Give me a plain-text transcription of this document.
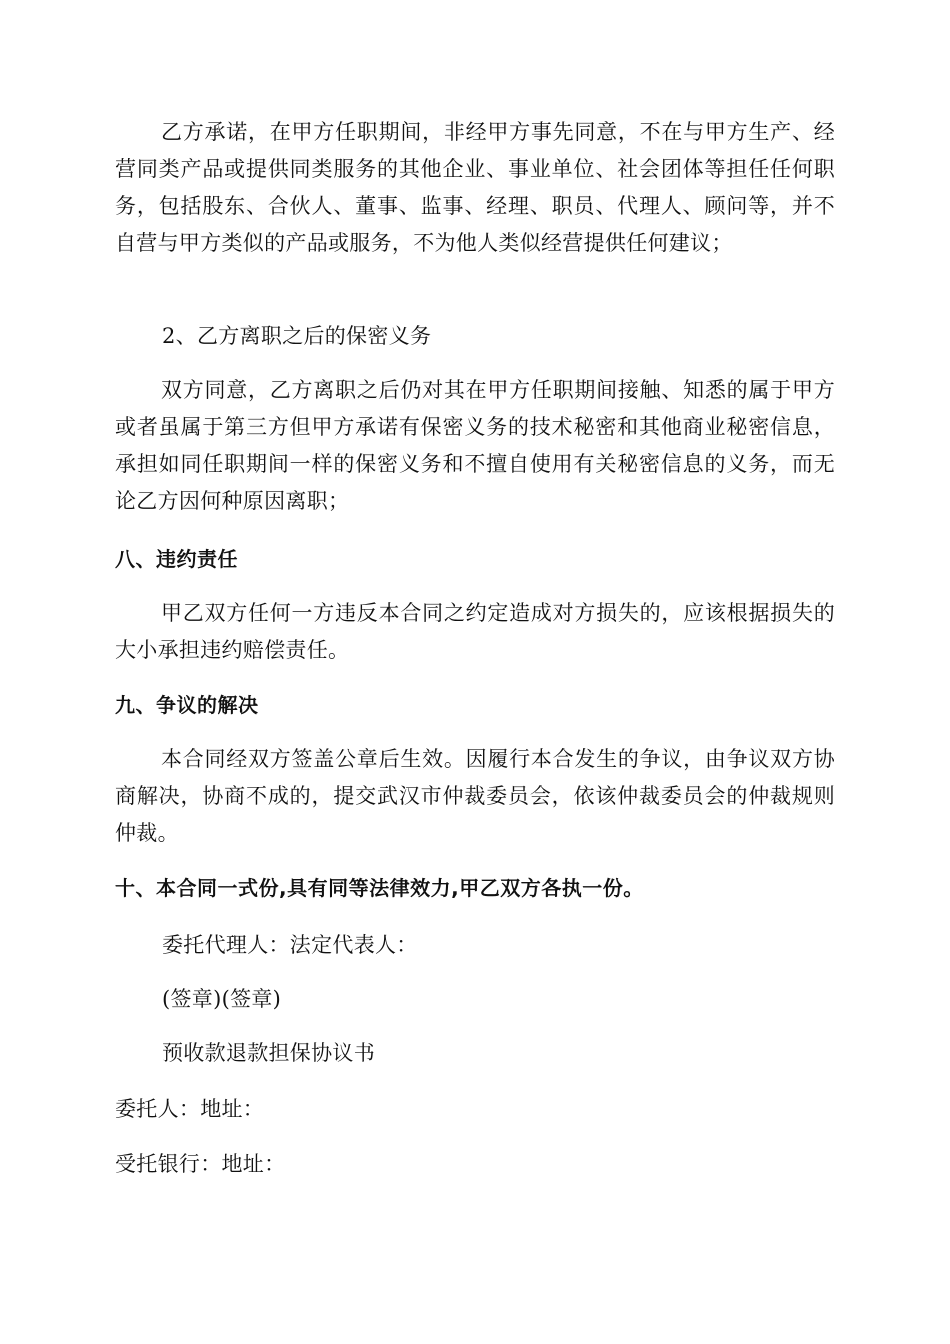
乙方承诺，在甲方任职期间，非经甲方事先同意，不在与甲方生产、经营同类产品或提供同类服务的其他企业、事业单位、社会团体等担任任何职务，包括股东、合伙人、董事、监事、经理、职员、代理人、顾问等，并不自营与甲方类似的产品或服务，不为他人类似经营提供任何建议；

2、乙方离职之后的保密义务

双方同意，乙方离职之后仍对其在甲方任职期间接触、知悉的属于甲方或者虽属于第三方但甲方承诺有保密义务的技术秘密和其他商业秘密信息，承担如同任职期间一样的保密义务和不擅自使用有关秘密信息的义务，而无论乙方因何种原因离职；

八、违约责任

甲乙双方任何一方违反本合同之约定造成对方损失的，应该根据损失的大小承担违约赔偿责任。

九、争议的解决

本合同经双方签盖公章后生效。因履行本合发生的争议，由争议双方协商解决，协商不成的，提交武汉市仲裁委员会，依该仲裁委员会的仲裁规则仲裁。

十、本合同一式份,具有同等法律效力,甲乙双方各执一份。

委托代理人：法定代表人：

(签章)(签章)

预收款退款担保协议书

委托人：地址：

受托银行：地址：
